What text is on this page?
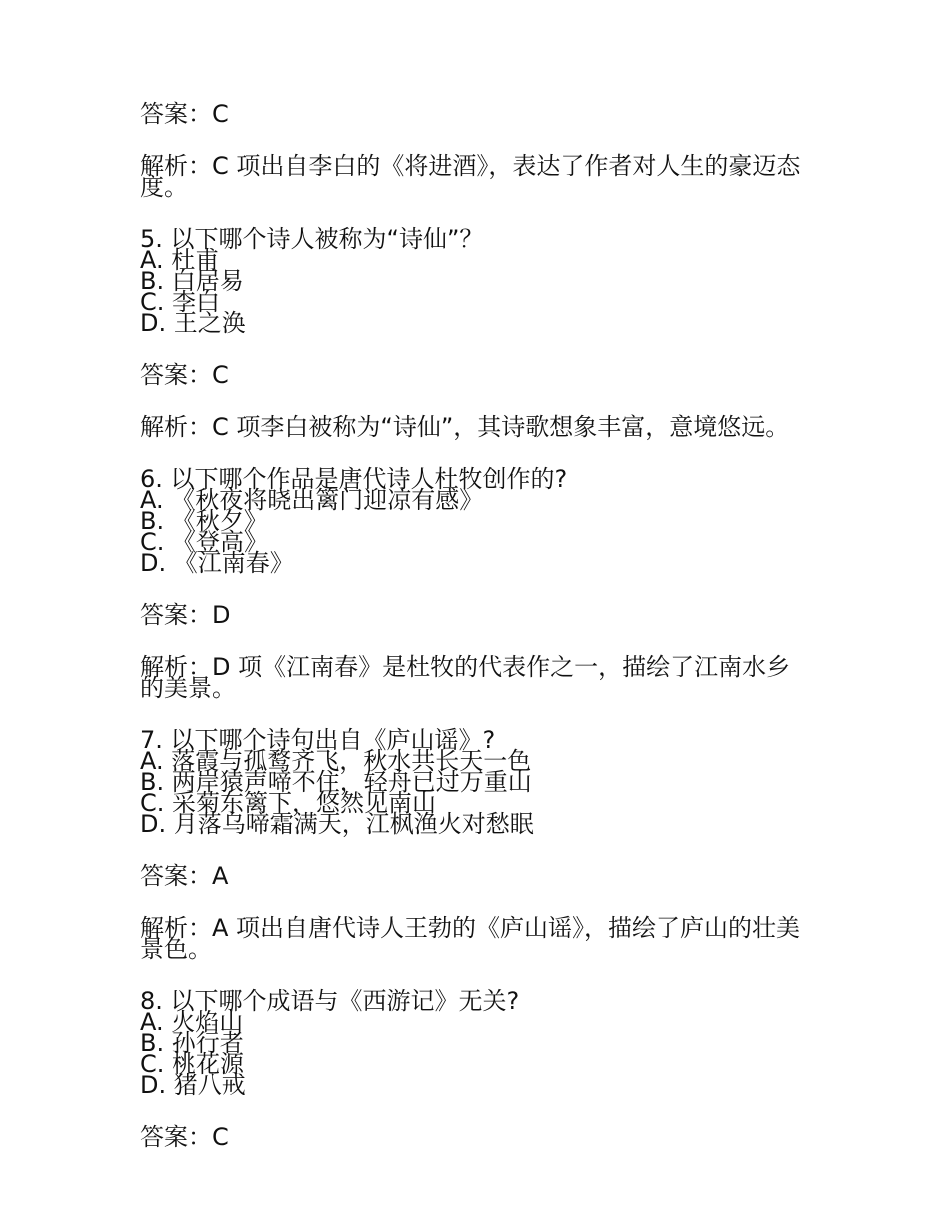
答案：C
解析：C 项出自李白的《将进酒》，表达了作者对人生的豪迈态度。
5. 以下哪个诗人被称为“诗仙”？
A. 杜甫
B. 白居易
C. 李白
D. 王之涣
答案：C
解析：C 项李白被称为“诗仙”，其诗歌想象丰富，意境悠远。
6. 以下哪个作品是唐代诗人杜牧创作的?
A. 《秋夜将晓出篱门迎凉有感》
B. 《秋夕》
C. 《登高》
D. 《江南春》
答案：D
解析：D 项《江南春》是杜牧的代表作之一，描绘了江南水乡的美景。
7. 以下哪个诗句出自《庐山谣》?
A. 落霞与孤鹜齐飞，秋水共长天一色
B. 两岸猿声啼不住，轻舟已过万重山
C. 采菊东篱下，悠然见南山
D. 月落乌啼霜满天，江枫渔火对愁眠
答案：A
解析：A 项出自唐代诗人王勃的《庐山谣》，描绘了庐山的壮美景色。
8. 以下哪个成语与《西游记》无关?
A. 火焰山
B. 孙行者
C. 桃花源
D. 猪八戒
答案：C
